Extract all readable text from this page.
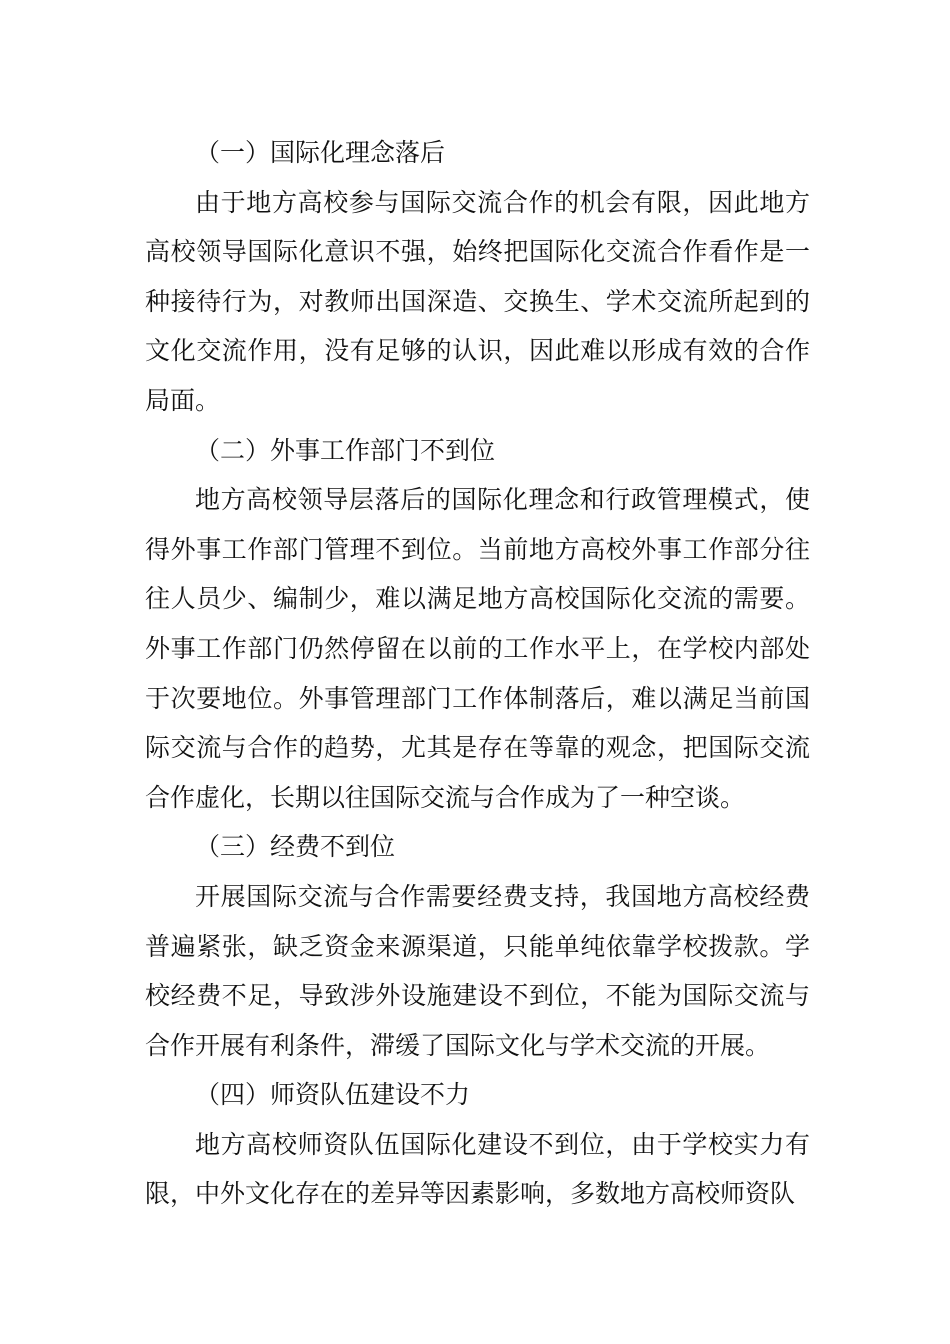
（一）国际化理念落后

由于地方高校参与国际交流合作的机会有限，因此地方高校领导国际化意识不强，始终把国际化交流合作看作是一种接待行为，对教师出国深造、交换生、学术交流所起到的文化交流作用，没有足够的认识，因此难以形成有效的合作局面。

（二）外事工作部门不到位

地方高校领导层落后的国际化理念和行政管理模式，使得外事工作部门管理不到位。当前地方高校外事工作部分往往人员少、编制少，难以满足地方高校国际化交流的需要。外事工作部门仍然停留在以前的工作水平上，在学校内部处于次要地位。外事管理部门工作体制落后，难以满足当前国际交流与合作的趋势，尤其是存在等靠的观念，把国际交流合作虚化，长期以往国际交流与合作成为了一种空谈。

（三）经费不到位

开展国际交流与合作需要经费支持，我国地方高校经费普遍紧张，缺乏资金来源渠道，只能单纯依靠学校拨款。学校经费不足，导致涉外设施建设不到位，不能为国际交流与合作开展有利条件，滞缓了国际文化与学术交流的开展。

（四）师资队伍建设不力

地方高校师资队伍国际化建设不到位，由于学校实力有限，中外文化存在的差异等因素影响，多数地方高校师资队
